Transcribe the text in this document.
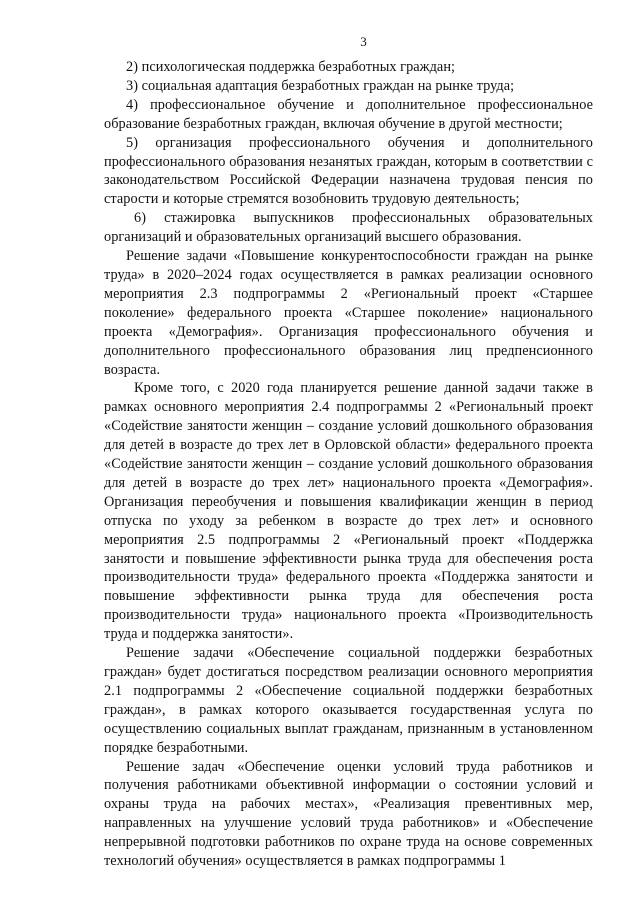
3

2) психологическая поддержка безработных граждан;

3) социальная адаптация безработных граждан на рынке труда;

4) профессиональное обучение и дополнительное профессиональное образование безработных граждан, включая обучение в другой местности;

5) организация профессионального обучения и дополнительного профессионального образования незанятых граждан, которым в соответствии с законодательством Российской Федерации назначена трудовая пенсия по старости и которые стремятся возобновить трудовую деятельность;

6) стажировка выпускников профессиональных образовательных организаций и образовательных организаций высшего образования.

Решение задачи «Повышение конкурентоспособности граждан на рынке труда» в 2020–2024 годах осуществляется в рамках реализации основного мероприятия 2.3 подпрограммы 2 «Региональный проект «Старшее поколение» федерального проекта «Старшее поколение» национального проекта «Демография». Организация профессионального обучения и дополнительного профессионального образования лиц предпенсионного возраста.

Кроме того, с 2020 года планируется решение данной задачи также в рамках основного мероприятия 2.4 подпрограммы 2 «Региональный проект «Содействие занятости женщин – создание условий дошкольного образования для детей в возрасте до трех лет в Орловской области» федерального проекта «Содействие занятости женщин – создание условий дошкольного образования для детей в возрасте до трех лет» национального проекта «Демография». Организация переобучения и повышения квалификации женщин в период отпуска по уходу за ребенком в возрасте до трех лет» и основного мероприятия 2.5 подпрограммы 2 «Региональный проект «Поддержка занятости и повышение эффективности рынка труда для обеспечения роста производительности труда» федерального проекта «Поддержка занятости и повышение эффективности рынка труда для обеспечения роста производительности труда» национального проекта «Производительность труда и поддержка занятости».

Решение задачи «Обеспечение социальной поддержки безработных граждан» будет достигаться посредством реализации основного мероприятия 2.1 подпрограммы 2 «Обеспечение социальной поддержки безработных граждан», в рамках которого оказывается государственная услуга по осуществлению социальных выплат гражданам, признанным в установленном порядке безработными.

Решение задач «Обеспечение оценки условий труда работников и получения работниками объективной информации о состоянии условий и охраны труда на рабочих местах», «Реализация превентивных мер, направленных на улучшение условий труда работников» и «Обеспечение непрерывной подготовки работников по охране труда на основе современных технологий обучения» осуществляется в рамках подпрограммы 1
